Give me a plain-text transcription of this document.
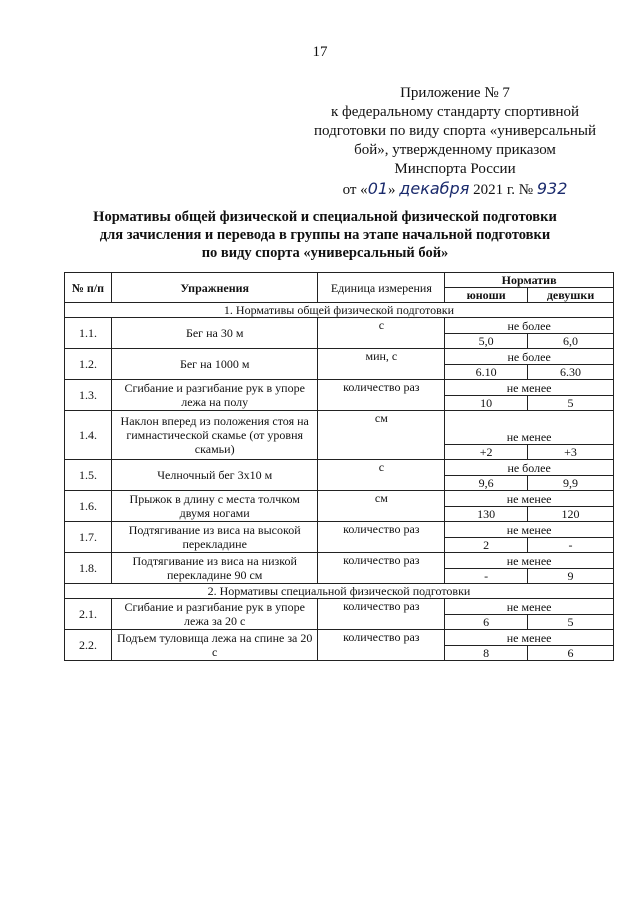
17
Приложение № 7
к федеральному стандарту спортивной
подготовки по виду спорта «универсальный
бой», утвержденному приказом
Минспорта России
от «01» декабря 2021 г. № 932
Нормативы общей физической и специальной физической подготовки
для зачисления и перевода в группы на этапе начальной подготовки
по виду спорта «универсальный бой»
№ п/п	Упражнения	Единица измерения	Норматив	
			юноши	девушки
1. Нормативы общей физической подготовки				
1.1.	Бег на 30 м	с	не более	
			5,0	6,0
1.2.	Бег на 1000 м	мин, с	не более	
			6.10	6.30
1.3.	Сгибание и разгибание рук в упоре лежа на полу	количество раз	не менее	
			10	5
1.4.	Наклон вперед из положения стоя на гимнастической скамье (от уровня скамьи)	см	не менее	
			+2	+3
1.5.	Челночный бег 3х10 м	с	не более	
			9,6	9,9
1.6.	Прыжок в длину с места толчком двумя ногами	см	не менее	
			130	120
1.7.	Подтягивание из виса на высокой перекладине	количество раз	не менее	
			2	-
1.8.	Подтягивание из виса на низкой перекладине 90 см	количество раз	не менее	
			-	9
2. Нормативы специальной физической подготовки				
2.1.	Сгибание и разгибание рук в упоре лежа за 20 с	количество раз	не менее	
			6	5
2.2.	Подъем туловища лежа на спине за 20 с	количество раз	не менее	
			8	6
